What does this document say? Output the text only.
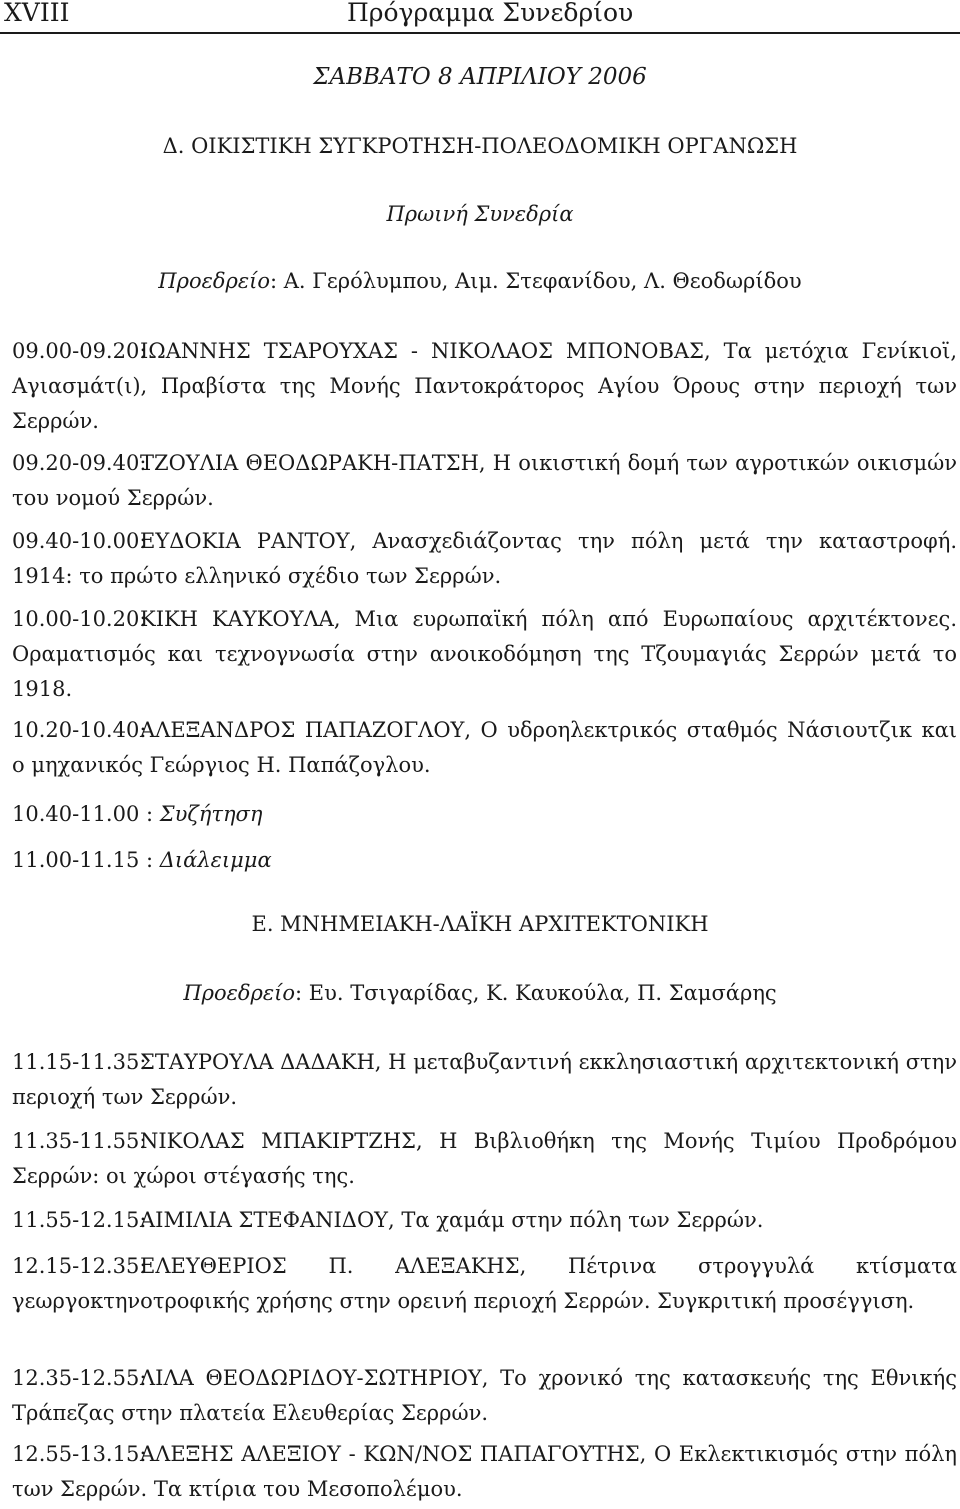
XVIII	Πρόγραμμα Συνεδρίου
ΣΑΒΒΑΤΟ 8 ΑΠΡΙΛΙΟΥ 2006
Δ. ΟΙΚΙΣΤΙΚΗ ΣΥΓΚΡΟΤΗΣΗ-ΠΟΛΕΟΔΟΜΙΚΗ ΟΡΓΑΝΩΣΗ
Πρωινή Συνεδρία
Προεδρείο: Α. Γερόλυμπου, Αιμ. Στεφανίδου, Λ. Θεοδωρίδου
09.00-09.20:
ΙΩΑΝΝΗΣ ΤΣΑΡΟΥΧΑΣ - ΝΙΚΟΛΑΟΣ ΜΠΟΝΟΒΑΣ, Τα μετόχια Γενίκιοϊ, Αγιασμάτ(ι), Πραβίστα της Μονής Παντοκράτορος Αγίου Όρους στην περιοχή των Σερρών.
09.20-09.40:
ΤΖΟΥΛΙΑ ΘΕΟΔΩΡΑΚΗ-ΠΑΤΣΗ, Η οικιστική δομή των αγροτικών οικισμών του νομού Σερρών.
09.40-10.00:
ΕΥΔΟΚΙΑ ΡΑΝΤΟΥ, Ανασχεδιάζοντας την πόλη μετά την καταστροφή. 1914: το πρώτο ελληνικό σχέδιο των Σερρών.
10.00-10.20:
ΚΙΚΗ ΚΑΥΚΟΥΛΑ, Μια ευρωπαϊκή πόλη από Ευρωπαίους αρχιτέκτονες. Οραματισμός και τεχνογνωσία στην ανοικοδόμηση της Τζουμαγιάς Σερρών μετά το 1918.
10.20-10.40:
ΑΛΕΞΑΝΔΡΟΣ ΠΑΠΑΖΟΓΛΟΥ, Ο υδροηλεκτρικός σταθμός Νάσιουτζικ και ο μηχανικός Γεώργιος Η. Παπάζογλου.
10.40-11.00 : Συζήτηση
11.00-11.15 : Διάλειμμα
Ε. ΜΝΗΜΕΙΑΚΗ-ΛΑΪΚΗ ΑΡΧΙΤΕΚΤΟΝΙΚΗ
Προεδρείο: Ευ. Τσιγαρίδας, Κ. Καυκούλα, Π. Σαμσάρης
11.15-11.35:
ΣΤΑΥΡΟΥΛΑ ΔΑΔΑΚΗ, Η μεταβυζαντινή εκκλησιαστική αρχιτεκτονική στην περιοχή των Σερρών.
11.35-11.55:
ΝΙΚΟΛΑΣ ΜΠΑΚΙΡΤΖΗΣ, Η Βιβλιοθήκη της Μονής Τιμίου Προδρόμου Σερρών: οι χώροι στέγασής της.
11.55-12.15:
ΑΙΜΙΛΙΑ ΣΤΕΦΑΝΙΔΟΥ, Τα χαμάμ στην πόλη των Σερρών.
12.15-12.35:
ΕΛΕΥΘΕΡΙΟΣ Π. ΑΛΕΞΑΚΗΣ, Πέτρινα στρογγυλά κτίσματα γεωργοκτηνοτροφικής χρήσης στην ορεινή περιοχή Σερρών. Συγκριτική προσέγγιση.
12.35-12.55:
ΛΙΛΑ ΘΕΟΔΩΡΙΔΟΥ-ΣΩΤΗΡΙΟΥ, Το χρονικό της κατασκευής της Εθνικής Τράπεζας στην πλατεία Ελευθερίας Σερρών.
12.55-13.15:
ΑΛΕΞΗΣ ΑΛΕΞΙΟΥ - ΚΩΝ/ΝΟΣ ΠΑΠΑΓΟΥΤΗΣ, Ο Εκλεκτικισμός στην πόλη των Σερρών. Τα κτίρια του Μεσοπολέμου.
